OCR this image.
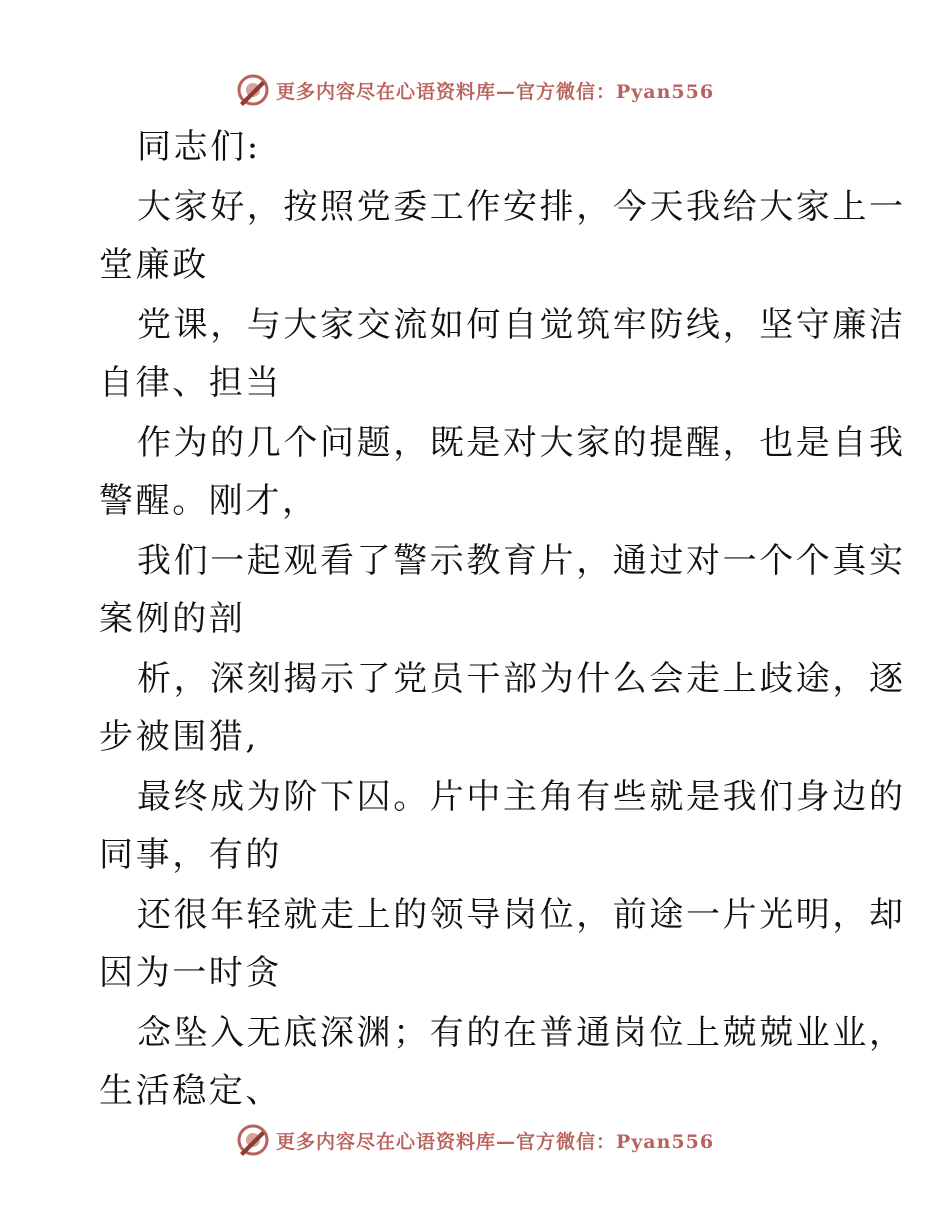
更多内容尽在心语资料库—官方微信：Pyan556
同志们:
大家好，按照党委工作安排，今天我给大家上一
堂廉政
党课，与大家交流如何自觉筑牢防线，坚守廉洁
自律、担当
作为的几个问题，既是对大家的提醒，也是自我
警醒。刚才，
我们一起观看了警示教育片，通过对一个个真实
案例的剖
析，深刻揭示了党员干部为什么会走上歧途，逐
步被围猎,
最终成为阶下囚。片中主角有些就是我们身边的
同事，有的
还很年轻就走上的领导岗位，前途一片光明，却
因为一时贪
念坠入无底深渊；有的在普通岗位上兢兢业业，
生活稳定、
更多内容尽在心语资料库—官方微信：Pyan556
